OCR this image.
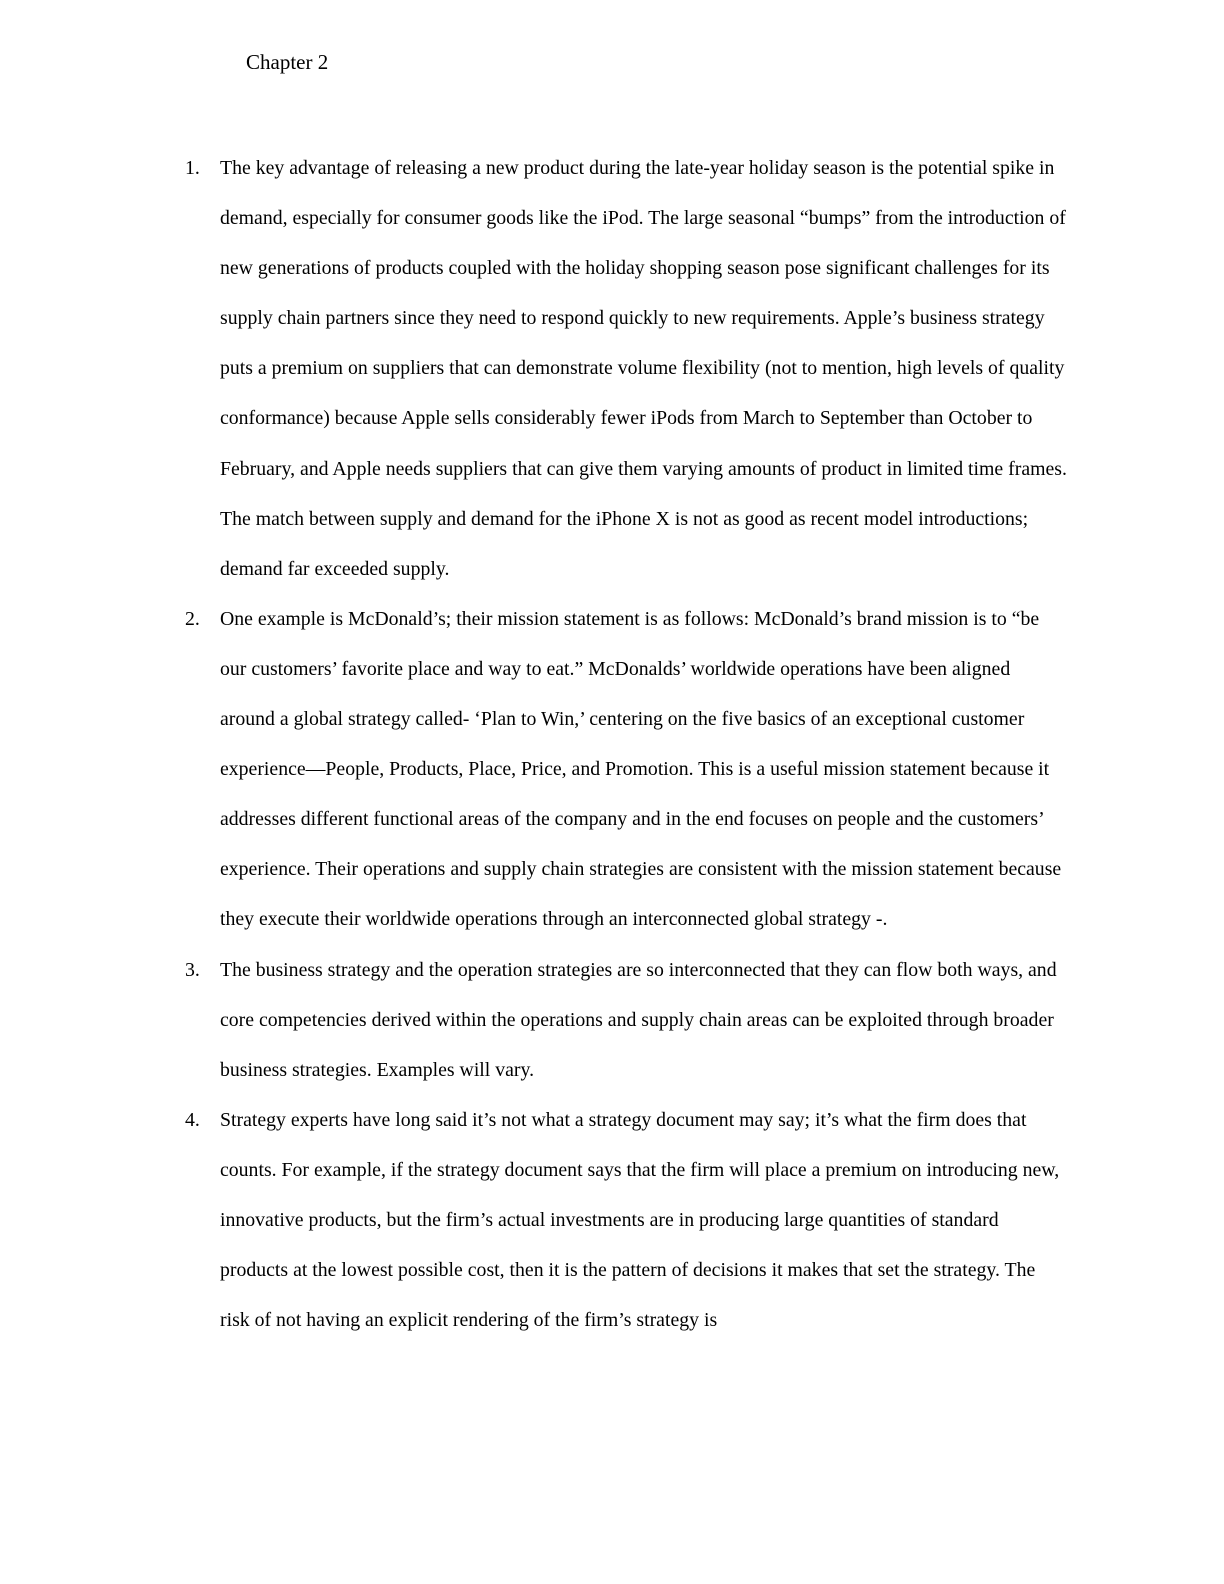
Chapter 2
1. The key advantage of releasing a new product during the late-year holiday season is the potential spike in demand, especially for consumer goods like the iPod. The large seasonal “bumps” from the introduction of new generations of products coupled with the holiday shopping season pose significant challenges for its supply chain partners since they need to respond quickly to new requirements. Apple’s business strategy puts a premium on suppliers that can demonstrate volume flexibility (not to mention, high levels of quality conformance) because Apple sells considerably fewer iPods from March to September than October to February, and Apple needs suppliers that can give them varying amounts of product in limited time frames. The match between supply and demand for the iPhone X is not as good as recent model introductions; demand far exceeded supply.
2. One example is McDonald’s; their mission statement is as follows: McDonald’s brand mission is to “be our customers’ favorite place and way to eat.” McDonalds’ worldwide operations have been aligned around a global strategy called- ‘Plan to Win,’ centering on the five basics of an exceptional customer experience—People, Products, Place, Price, and Promotion. This is a useful mission statement because it addresses different functional areas of the company and in the end focuses on people and the customers’ experience. Their operations and supply chain strategies are consistent with the mission statement because they execute their worldwide operations through an interconnected global strategy -.
3. The business strategy and the operation strategies are so interconnected that they can flow both ways, and core competencies derived within the operations and supply chain areas can be exploited through broader business strategies. Examples will vary.
4. Strategy experts have long said it’s not what a strategy document may say; it’s what the firm does that counts. For example, if the strategy document says that the firm will place a premium on introducing new, innovative products, but the firm’s actual investments are in producing large quantities of standard products at the lowest possible cost, then it is the pattern of decisions it makes that set the strategy. The risk of not having an explicit rendering of the firm’s strategy is
